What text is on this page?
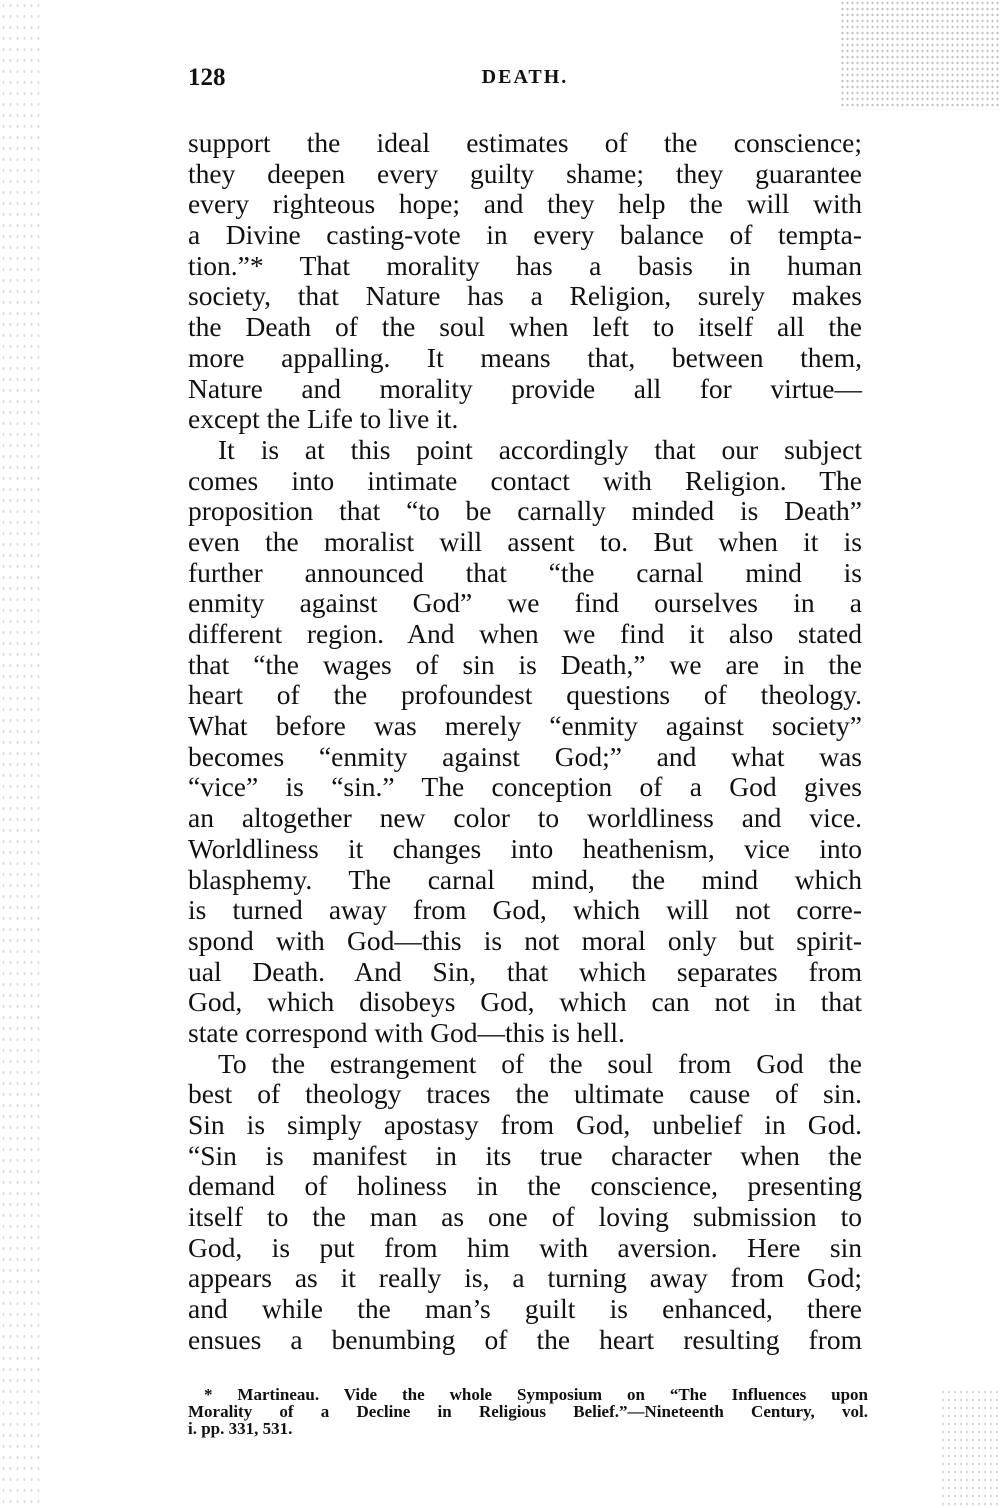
128	DEATH.
support the ideal estimates of the conscience;
they deepen every guilty shame; they guarantee
every righteous hope; and they help the will with
a Divine casting-vote in every balance of tempta-
tion.”* That morality has a basis in human
society, that Nature has a Religion, surely makes
the Death of the soul when left to itself all the
more appalling. It means that, between them,
Nature and morality provide all for virtue—
except the Life to live it.
It is at this point accordingly that our subject
comes into intimate contact with Religion. The
proposition that “to be carnally minded is Death”
even the moralist will assent to. But when it is
further announced that “the carnal mind is
enmity against God” we find ourselves in a
different region. And when we find it also stated
that “the wages of sin is Death,” we are in the
heart of the profoundest questions of theology.
What before was merely “enmity against society”
becomes “enmity against God;” and what was
“vice” is “sin.” The conception of a God gives
an altogether new color to worldliness and vice.
Worldliness it changes into heathenism, vice into
blasphemy. The carnal mind, the mind which
is turned away from God, which will not corre-
spond with God—this is not moral only but spirit-
ual Death. And Sin, that which separates from
God, which disobeys God, which can not in that
state correspond with God—this is hell.
To the estrangement of the soul from God the
best of theology traces the ultimate cause of sin.
Sin is simply apostasy from God, unbelief in God.
“Sin is manifest in its true character when the
demand of holiness in the conscience, presenting
itself to the man as one of loving submission to
God, is put from him with aversion. Here sin
appears as it really is, a turning away from God;
and while the man’s guilt is enhanced, there
ensues a benumbing of the heart resulting from
* Martineau. Vide the whole Symposium on “The Influences upon
Morality of a Decline in Religious Belief.”—Nineteenth Century, vol.
i. pp. 331, 531.
